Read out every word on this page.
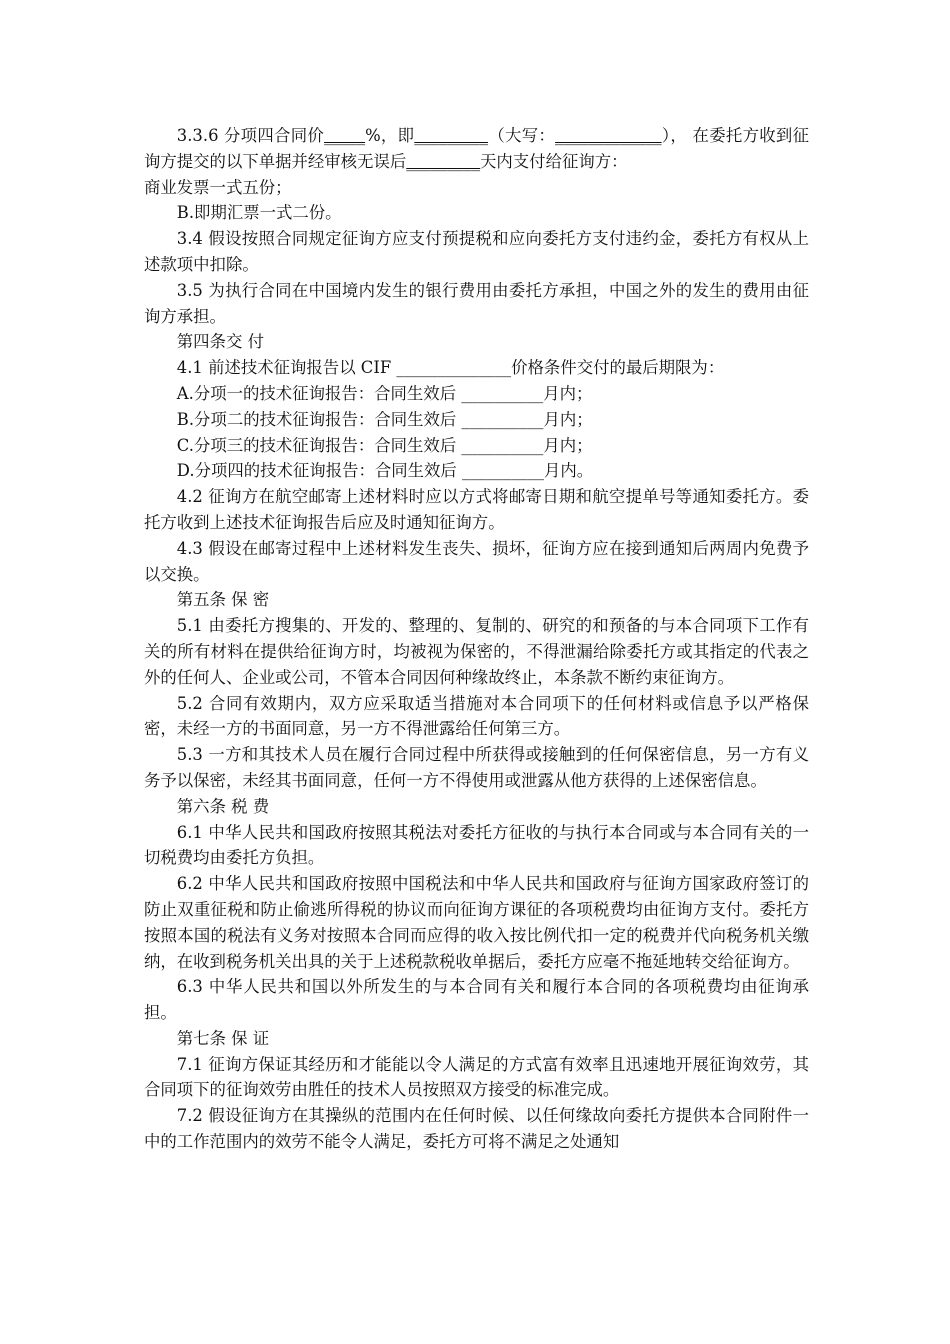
3.3.6 分项四合同价_____%，即_________（大写：_____________）， 在委托方收到征询方提交的以下单据并经审核无误后_________天内支付给征询方：

商业发票一式五份；

B.即期汇票一式二份。

3.4 假设按照合同规定征询方应支付预提税和应向委托方支付违约金，委托方有权从上述款项中扣除。

3.5 为执行合同在中国境内发生的银行费用由委托方承担，中国之外的发生的费用由征询方承担。

第四条交 付

4.1 前述技术征询报告以 CIF ______________价格条件交付的最后期限为：

A.分项一的技术征询报告：合同生效后 __________月内；

B.分项二的技术征询报告：合同生效后 __________月内；

C.分项三的技术征询报告：合同生效后 __________月内；

D.分项四的技术征询报告：合同生效后 __________月内。

4.2 征询方在航空邮寄上述材料时应以方式将邮寄日期和航空提单号等通知委托方。委托方收到上述技术征询报告后应及时通知征询方。

4.3 假设在邮寄过程中上述材料发生丧失、损坏，征询方应在接到通知后两周内免费予以交换。

第五条 保 密

5.1 由委托方搜集的、开发的、整理的、复制的、研究的和预备的与本合同项下工作有关的所有材料在提供给征询方时，均被视为保密的，不得泄漏给除委托方或其指定的代表之外的任何人、企业或公司，不管本合同因何种缘故终止，本条款不断约束征询方。

5.2 合同有效期内，双方应采取适当措施对本合同项下的任何材料或信息予以严格保密，未经一方的书面同意，另一方不得泄露给任何第三方。

5.3 一方和其技术人员在履行合同过程中所获得或接触到的任何保密信息，另一方有义务予以保密，未经其书面同意，任何一方不得使用或泄露从他方获得的上述保密信息。

第六条 税 费

6.1 中华人民共和国政府按照其税法对委托方征收的与执行本合同或与本合同有关的一切税费均由委托方负担。

6.2 中华人民共和国政府按照中国税法和中华人民共和国政府与征询方国家政府签订的防止双重征税和防止偷逃所得税的协议而向征询方课征的各项税费均由征询方支付。委托方按照本国的税法有义务对按照本合同而应得的收入按比例代扣一定的税费并代向税务机关缴纳，在收到税务机关出具的关于上述税款税收单据后，委托方应毫不拖延地转交给征询方。

6.3 中华人民共和国以外所发生的与本合同有关和履行本合同的各项税费均由征询承担。

第七条 保 证

7.1 征询方保证其经历和才能能以令人满足的方式富有效率且迅速地开展征询效劳，其合同项下的征询效劳由胜任的技术人员按照双方接受的标准完成。

7.2 假设征询方在其操纵的范围内在任何时候、以任何缘故向委托方提供本合同附件一中的工作范围内的效劳不能令人满足，委托方可将不满足之处通知
